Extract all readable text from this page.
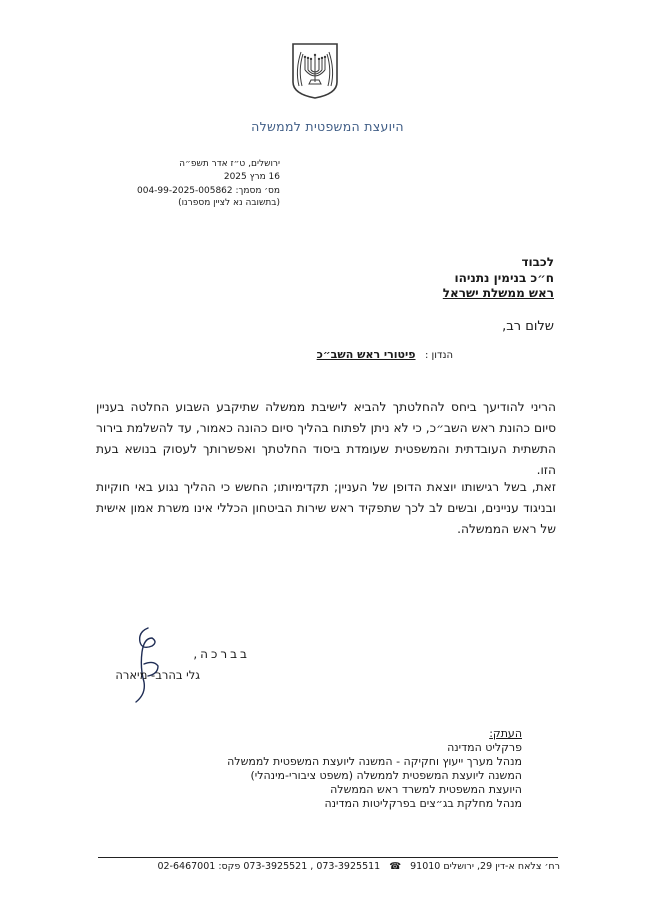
היועצת המשפטית לממשלה
ירושלים, ט״ז אדר תשפ״ה
16 מרץ 2025
מס׳ מסמך: 004-99-2025-005862
(בתשובה נא לציין מספרנו)
לכבוד
ח״כ בנימין נתניהו
ראש ממשלת ישראל
שלום רב,
הנדון : פיטורי ראש השב״כ
הריני להודיעך ביחס להחלטתך להביא לישיבת ממשלה שתיקבע השבוע החלטה בעניין סיום כהונת ראש השב״כ, כי לא ניתן לפתוח בהליך סיום כהונה כאמור, עד להשלמת בירור התשתית העובדתית והמשפטית שעומדת ביסוד החלטתך ואפשרותך לעסוק בנושא בעת הזו.
זאת, בשל רגישותו יוצאת הדופן של העניין; תקדימיותו; החשש כי ההליך נגוע באי חוקיות ובניגוד עניינים, ובשים לב לכך שתפקיד ראש שירות הביטחון הכללי אינו משרת אמון אישית של ראש הממשלה.
בברכה,
גלי בהרב- מיארה
העתק:
פרקליט המדינה
מנהל מערך ייעוץ וחקיקה - המשנה ליועצת המשפטית לממשלה
המשנה ליועצת המשפטית לממשלה (משפט ציבורי-מינהלי)
היועצת המשפטית למשרד ראש הממשלה
מנהל מחלקת בג״צים בפרקליטות המדינה
רח׳ צלאח א-דין 29, ירושלים 91010 ☎ 073-3925511 , 073-3925521 פקס: 02-6467001
